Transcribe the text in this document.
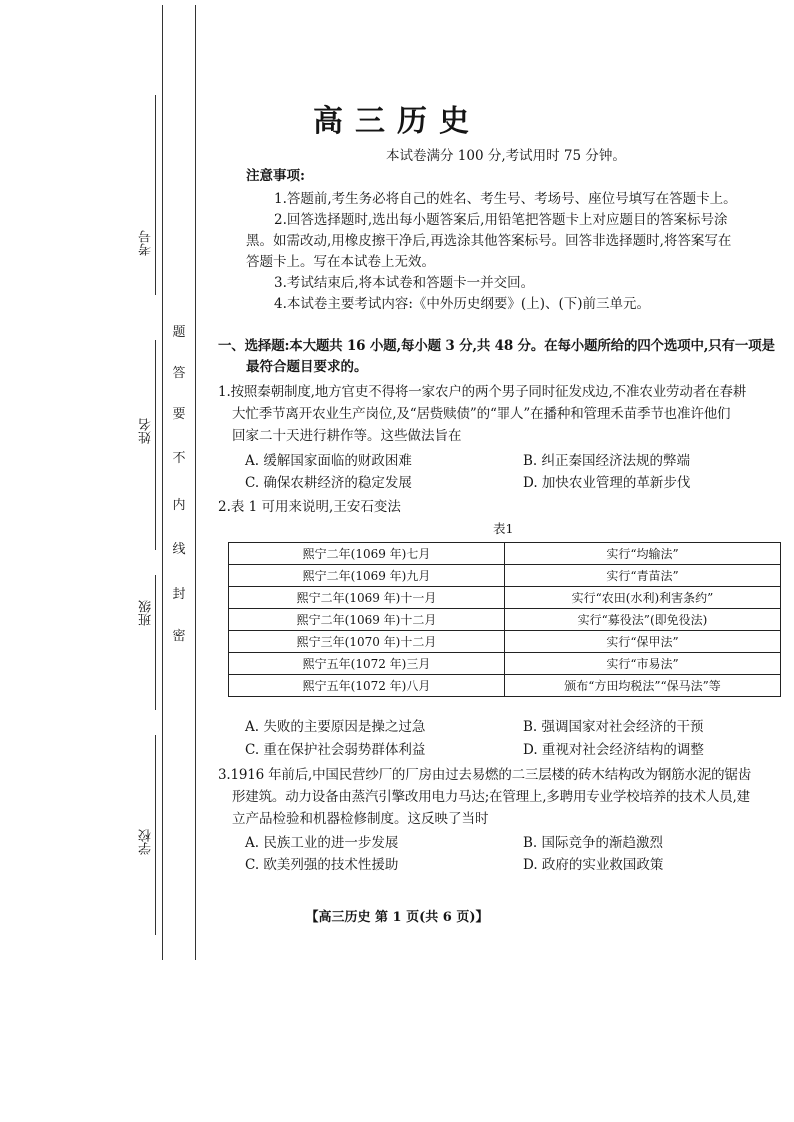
考号
姓名
班级
学校
题
答
要
不
内
线
封
密
高三历史
本试卷满分 100 分,考试用时 75 分钟。
注意事项:
1.答题前,考生务必将自己的姓名、考生号、考场号、座位号填写在答题卡上。
2.回答选择题时,选出每小题答案后,用铅笔把答题卡上对应题目的答案标号涂
黑。如需改动,用橡皮擦干净后,再选涂其他答案标号。回答非选择题时,将答案写在
答题卡上。写在本试卷上无效。
3.考试结束后,将本试卷和答题卡一并交回。
4.本试卷主要考试内容:《中外历史纲要》(上)、(下)前三单元。
一、选择题:本大题共 16 小题,每小题 3 分,共 48 分。在每小题所给的四个选项中,只有一项是
最符合题目要求的。
1.按照秦朝制度,地方官吏不得将一家农户的两个男子同时征发戍边,不准农业劳动者在春耕
大忙季节离开农业生产岗位,及“居赀赎债”的“罪人”在播种和管理禾苗季节也准许他们
回家二十天进行耕作等。这些做法旨在
A. 缓解国家面临的财政困难	B. 纠正秦国经济法规的弊端
C. 确保农耕经济的稳定发展	D. 加快农业管理的革新步伐
2.表 1 可用来说明,王安石变法
表1
熙宁二年(1069 年)七月	实行“均输法”
熙宁二年(1069 年)九月	实行“青苗法”
熙宁二年(1069 年)十一月	实行“农田(水利)利害条约”
熙宁二年(1069 年)十二月	实行“募役法”(即免役法)
熙宁三年(1070 年)十二月	实行“保甲法”
熙宁五年(1072 年)三月	实行“市易法”
熙宁五年(1072 年)八月	颁布“方田均税法”“保马法”等
A. 失败的主要原因是操之过急	B. 强调国家对社会经济的干预
C. 重在保护社会弱势群体利益	D. 重视对社会经济结构的调整
3.1916 年前后,中国民营纱厂的厂房由过去易燃的二三层楼的砖木结构改为钢筋水泥的锯齿
形建筑。动力设备由蒸汽引擎改用电力马达;在管理上,多聘用专业学校培养的技术人员,建
立产品检验和机器检修制度。这反映了当时
A. 民族工业的进一步发展	B. 国际竞争的渐趋激烈
C. 欧美列强的技术性援助	D. 政府的实业救国政策
【高三历史 第 1 页(共 6 页)】
